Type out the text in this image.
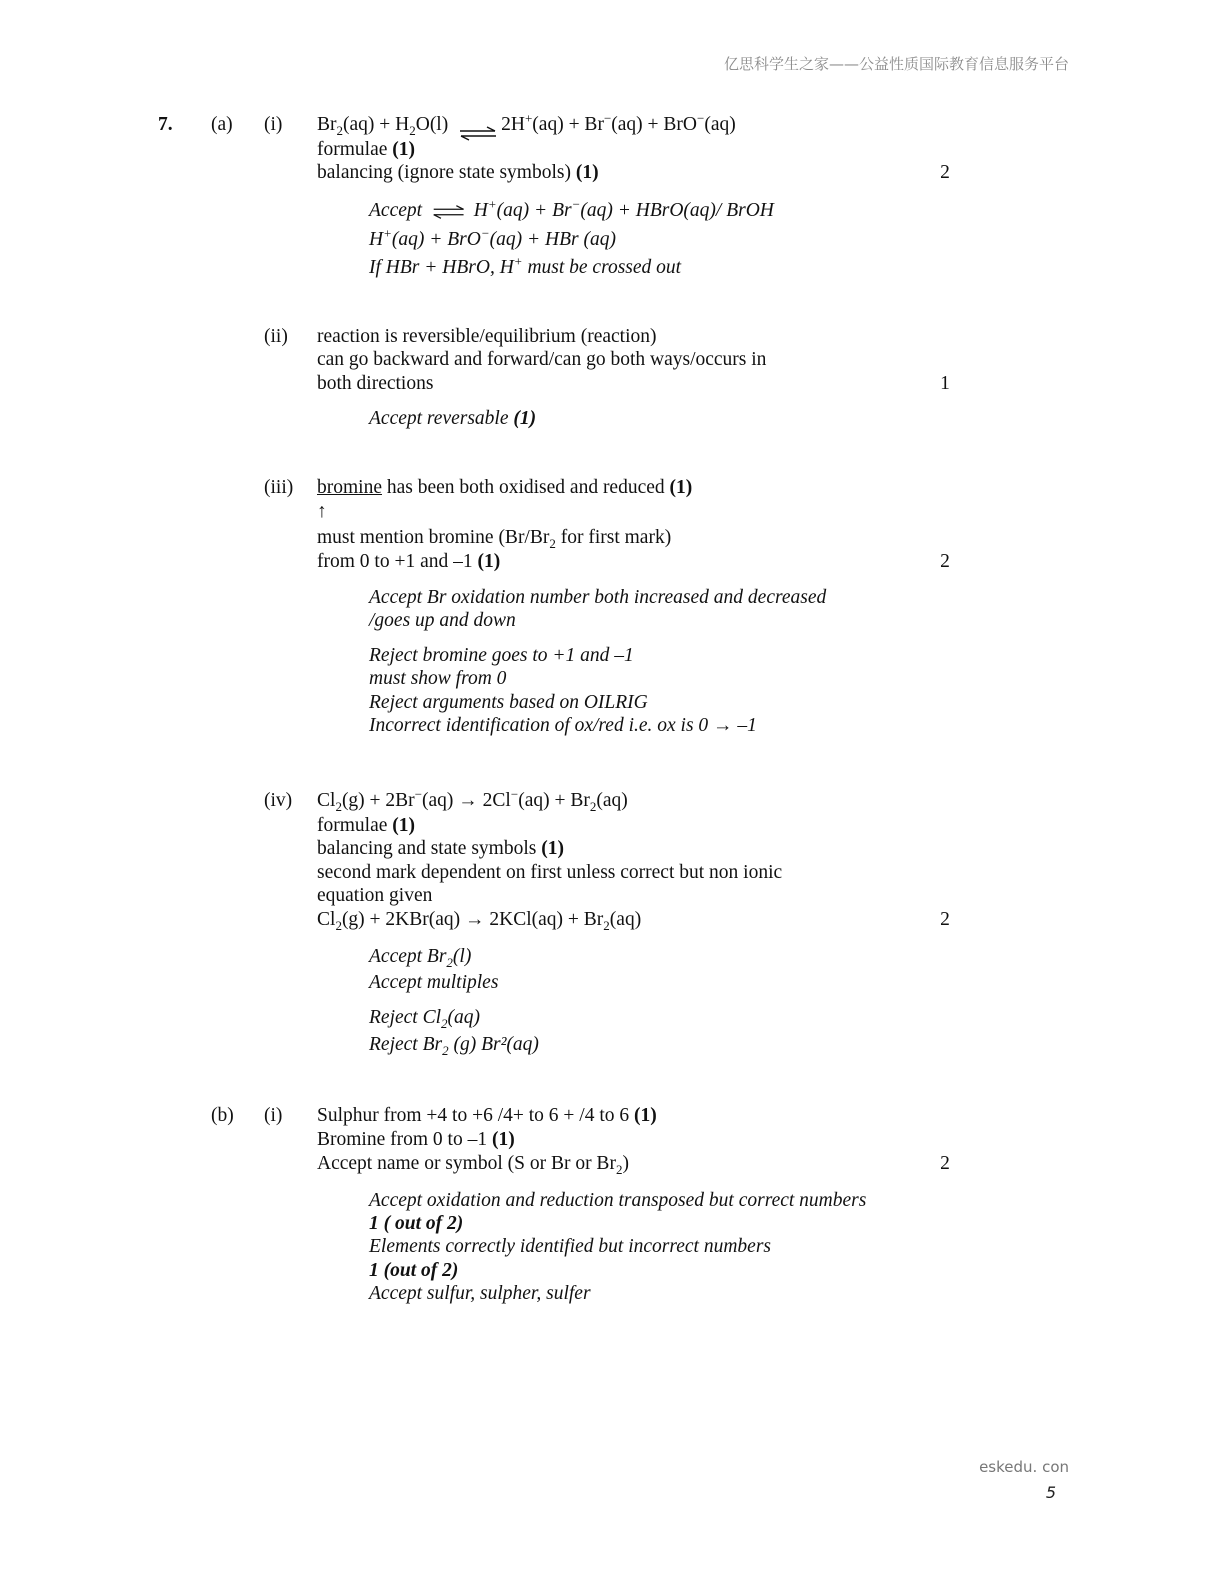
亿思科学生之家——公益性质国际教育信息服务平台
7. (a) (i) $Br_2(aq) + H_2O(l)$ ⇌ 2H+(aq) + Br−(aq) + BrO−(aq)
formulae (1)
balancing (ignore state symbols) (1)	2
Accept ⇌ H+(aq) + Br−(aq) + HBrO(aq)/ BrOH
H+(aq) + BrO−(aq) + HBr (aq)
If HBr + HBrO, H+ must be crossed out
(ii) reaction is reversible/equilibrium (reaction)
can go backward and forward/can go both ways/occurs in
both directions	1
Accept reversable (1)
(iii) bromine has been both oxidised and reduced (1)
↑
must mention bromine ($Br/Br_2$ for first mark)
from 0 to +1 and –1 (1)	2
Accept Br oxidation number both increased and decreased
/goes up and down
Reject bromine goes to +1 and –1
must show from 0
Reject arguments based on OILRIG
Incorrect identification of ox/red i.e. ox is 0 → –1
(iv) $Cl_2(g) + 2Br^-(aq) \to 2Cl^-(aq) + Br_2(aq)$
formulae (1)
balancing and state symbols (1)
second mark dependent on first unless correct but non ionic
equation given
$Cl_2(g) + 2KBr(aq) \to 2KCl(aq) + Br_2(aq)$	2
Accept $Br_2(l)$
Accept multiples
Reject $Cl_2(aq)$
Reject $Br_2$ (g) Br²(aq)
(b) (i) Sulphur from +4 to +6 /4+ to 6 + /4 to 6 (1)
Bromine from 0 to –1 (1)
Accept name or symbol (S or Br or $Br_2$)	2
Accept oxidation and reduction transposed but correct numbers
1 ( out of 2)
Elements correctly identified but incorrect numbers
1 (out of 2)
Accept sulfur, sulpher, sulfer
eskedu. con
5
